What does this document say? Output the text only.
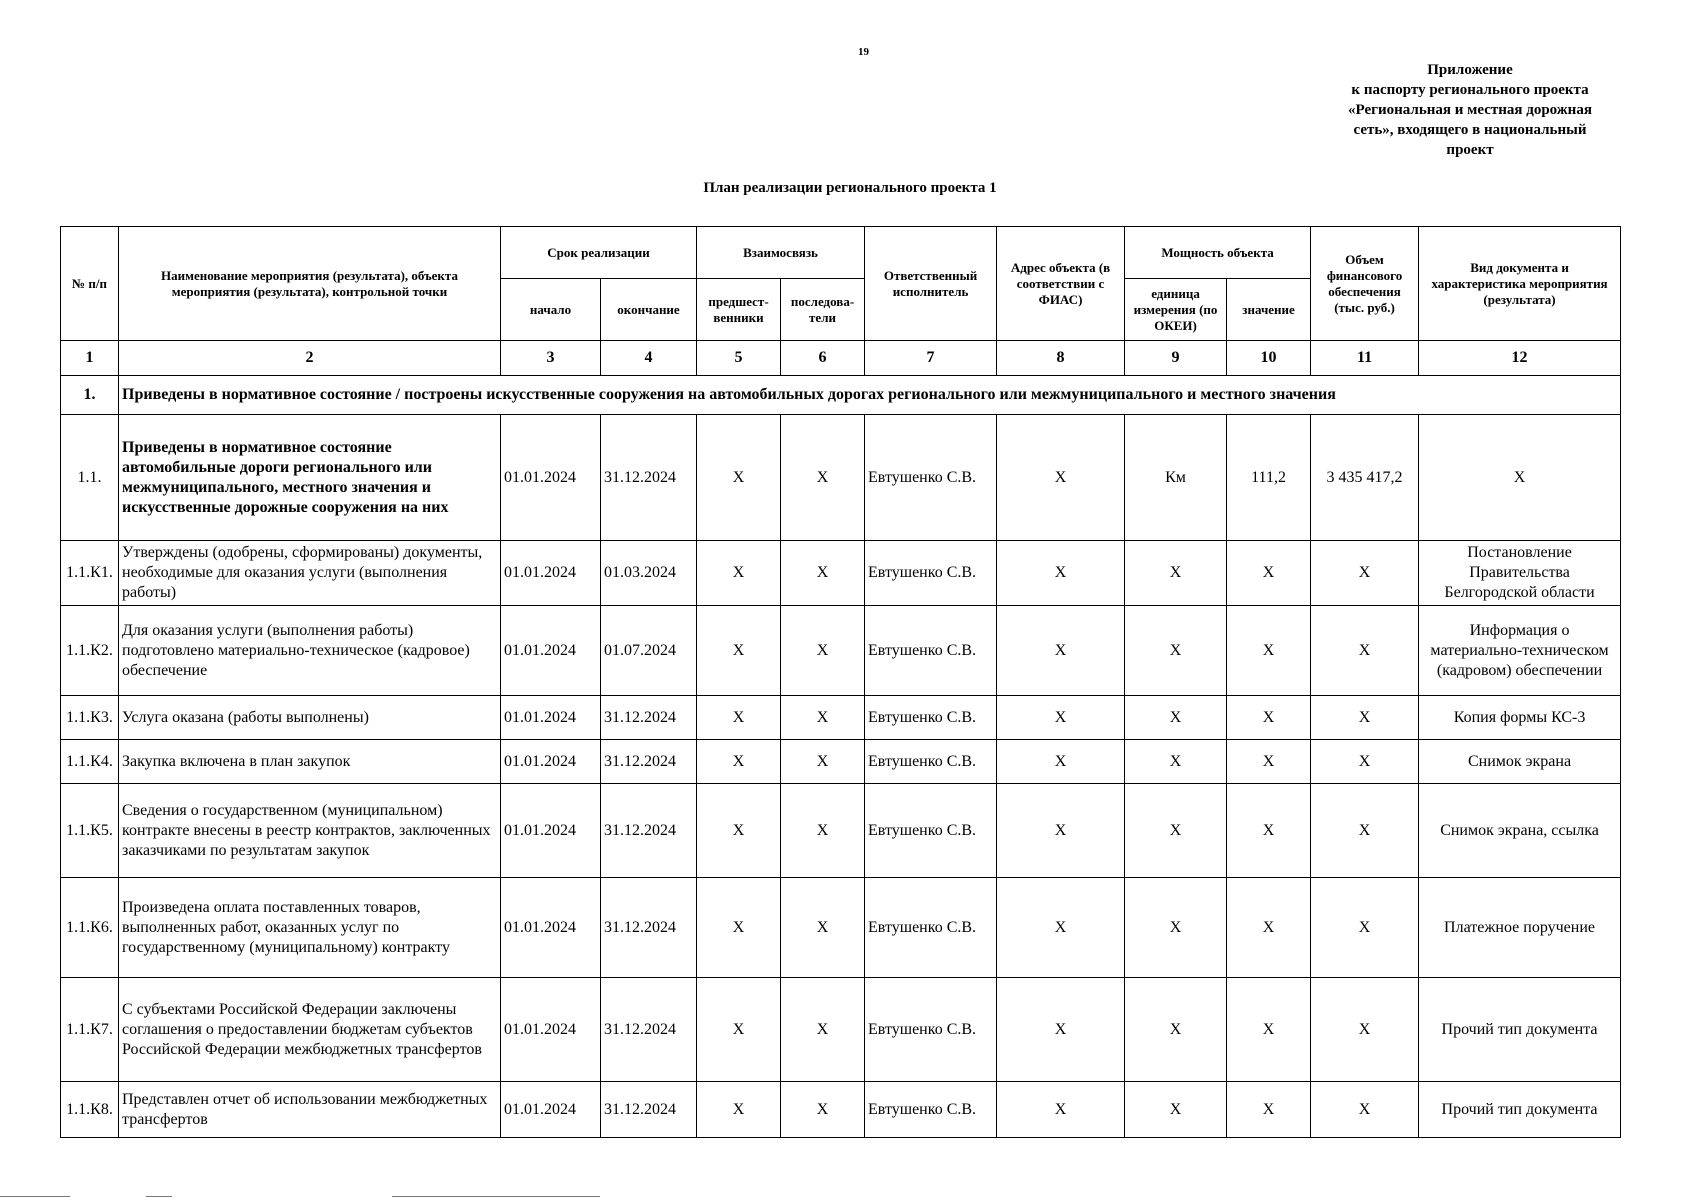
19
Приложение
к паспорту регионального проекта
«Региональная и местная дорожная
сеть», входящего в национальный
проект
План реализации регионального проекта 1
№ п/п	Наименование мероприятия (результата), объекта мероприятия (результата), контрольной точки	Срок реализации		Взаимосвязь		Ответственный исполнитель	Адрес объекта (в соответствии с ФИАС)	Мощность объекта		Объем финансового обеспечения (тыс. руб.)	Вид документа и характеристика мероприятия (результата)
		начало	окончание	предшест-венники	последова-тели			единица измерения (по ОКЕИ)	значение		
1	2	3	4	5	6	7	8	9	10	11	12
1.	Приведены в нормативное состояние / построены искусственные сооружения на автомобильных дорогах регионального или межмуниципального и местного значения										
1.1.	Приведены в нормативное состояние автомобильные дороги регионального или межмуниципального, местного значения и искусственные дорожные сооружения на них	01.01.2024	31.12.2024	X	X	Евтушенко С.В.	X	Км	111,2	3 435 417,2	X
1.1.К1.	Утверждены (одобрены, сформированы) документы, необходимые для оказания услуги (выполнения работы)	01.01.2024	01.03.2024	X	X	Евтушенко С.В.	X	X	X	X	Постановление Правительства Белгородской области
1.1.К2.	Для оказания услуги (выполнения работы) подготовлено материально-техническое (кадровое) обеспечение	01.01.2024	01.07.2024	X	X	Евтушенко С.В.	X	X	X	X	Информация о материально-техническом (кадровом) обеспечении
1.1.К3.	Услуга оказана (работы выполнены)	01.01.2024	31.12.2024	X	X	Евтушенко С.В.	X	X	X	X	Копия формы КС-3
1.1.К4.	Закупка включена в план закупок	01.01.2024	31.12.2024	X	X	Евтушенко С.В.	X	X	X	X	Снимок экрана
1.1.К5.	Сведения о государственном (муниципальном) контракте внесены в реестр контрактов, заключенных заказчиками по результатам закупок	01.01.2024	31.12.2024	X	X	Евтушенко С.В.	X	X	X	X	Снимок экрана, ссылка
1.1.К6.	Произведена оплата поставленных товаров, выполненных работ, оказанных услуг по государственному (муниципальному) контракту	01.01.2024	31.12.2024	X	X	Евтушенко С.В.	X	X	X	X	Платежное поручение
1.1.К7.	С субъектами Российской Федерации заключены соглашения о предоставлении бюджетам субъектов Российской Федерации межбюджетных трансфертов	01.01.2024	31.12.2024	X	X	Евтушенко С.В.	X	X	X	X	Прочий тип документа
1.1.К8.	Представлен отчет об использовании межбюджетных трансфертов	01.01.2024	31.12.2024	X	X	Евтушенко С.В.	X	X	X	X	Прочий тип документа
